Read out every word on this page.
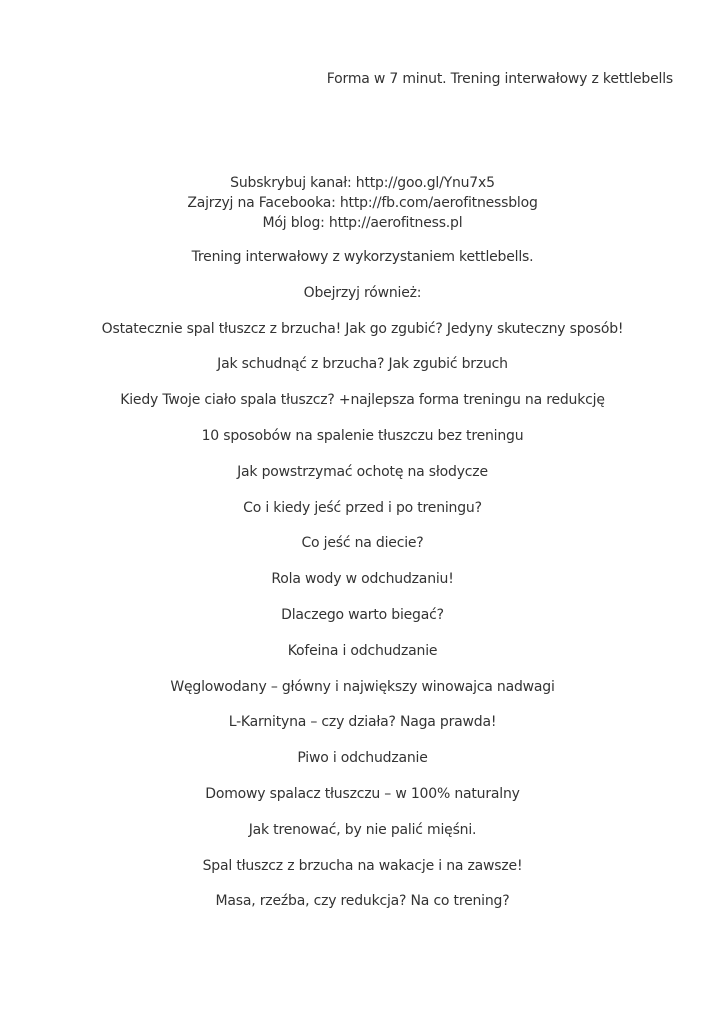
Forma w 7 minut. Trening interwałowy z kettlebells
Subskrybuj kanał: http://goo.gl/Ynu7x5
Zajrzyj na Facebooka: http://fb.com/aerofitnessblog
Mój blog: http://aerofitness.pl
Trening interwałowy z wykorzystaniem kettlebells.
Obejrzyj również:
Ostatecznie spal tłuszcz z brzucha! Jak go zgubić? Jedyny skuteczny sposób!
Jak schudnąć z brzucha? Jak zgubić brzuch
Kiedy Twoje ciało spala tłuszcz? +najlepsza forma treningu na redukcję
10 sposobów na spalenie tłuszczu bez treningu
Jak powstrzymać ochotę na słodycze
Co i kiedy jeść przed i po treningu?
Co jeść na diecie?
Rola wody w odchudzaniu!
Dlaczego warto biegać?
Kofeina i odchudzanie
Węglowodany – główny i największy winowajca nadwagi
L-Karnityna – czy działa? Naga prawda!
Piwo i odchudzanie
Domowy spalacz tłuszczu – w 100% naturalny
Jak trenować, by nie palić mięśni.
Spal tłuszcz z brzucha na wakacje i na zawsze!
Masa, rzeźba, czy redukcja? Na co trening?
